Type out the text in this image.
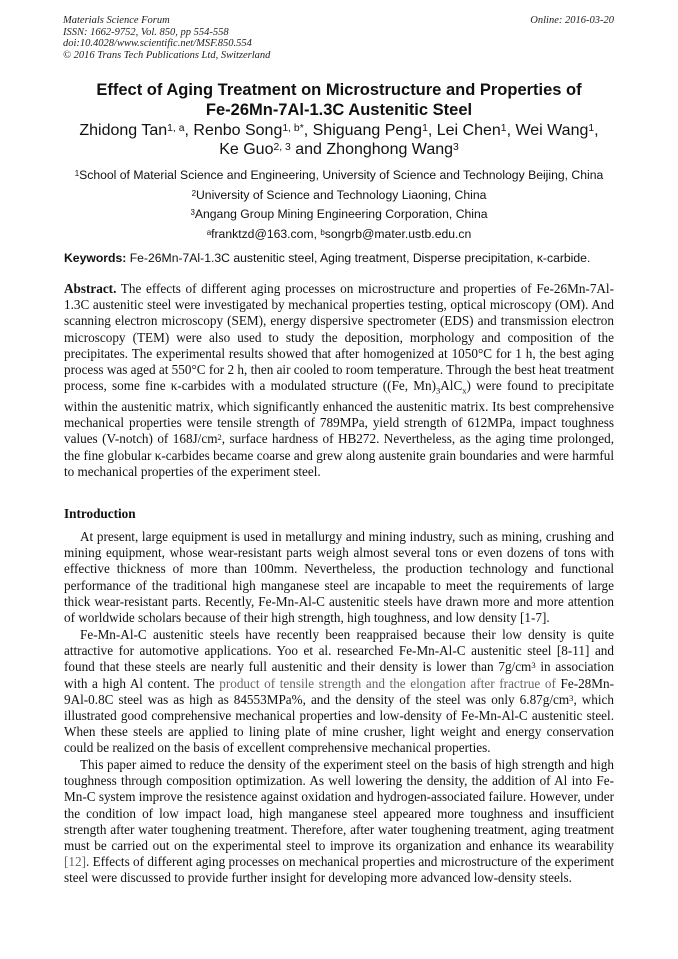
Materials Science Forum
ISSN: 1662-9752, Vol. 850, pp 554-558
doi:10.4028/www.scientific.net/MSF.850.554
© 2016 Trans Tech Publications Ltd, Switzerland
Online: 2016-03-20
Effect of Aging Treatment on Microstructure and Properties of
Fe-26Mn-7Al-1.3C Austenitic Steel
Zhidong Tan$^{1, a}$, Renbo Song$^{1, b*}$, Shiguang Peng$^1$, Lei Chen$^1$, Wei Wang$^1$,
Ke Guo$^{2, 3}$ and Zhonghong Wang$^3$
$^1$School of Material Science and Engineering, University of Science and Technology Beijing, China
$^2$University of Science and Technology Liaoning, China
$^3$Angang Group Mining Engineering Corporation, China
$^a$franktzd@163.com, $^b$songrb@mater.ustb.edu.cn
Keywords: Fe-26Mn-7Al-1.3C austenitic steel, Aging treatment, Disperse precipitation, κ-carbide.
Abstract. The effects of different aging processes on microstructure and properties of Fe-26Mn-7Al-1.3C austenitic steel were investigated by mechanical properties testing, optical microscopy (OM). And scanning electron microscopy (SEM), energy dispersive spectrometer (EDS) and transmission electron microscopy (TEM) were also used to study the deposition, morphology and composition of the precipitates. The experimental results showed that after homogenized at 1050°C for 1 h, the best aging process was aged at 550°C for 2 h, then air cooled to room temperature. Through the best heat treatment process, some fine κ-carbides with a modulated structure ((Fe, $Mn)_3AlC_x$) were found to precipitate within the austenitic matrix, which significantly enhanced the austenitic matrix. Its best comprehensive mechanical properties were tensile strength of 789MPa, yield strength of 612MPa, impact toughness values (V-notch) of $168J/cm^2$, surface hardness of HB272. Nevertheless, as the aging time prolonged, the fine globular κ-carbides became coarse and grew along austenite grain boundaries and were harmful to mechanical properties of the experiment steel.
Introduction
At present, large equipment is used in metallurgy and mining industry, such as mining, crushing and mining equipment, whose wear-resistant parts weigh almost several tons or even dozens of tons with effective thickness of more than 100mm. Nevertheless, the production technology and functional performance of the traditional high manganese steel are incapable to meet the requirements of large thick wear-resistant parts. Recently, Fe-Mn-Al-C austenitic steels have drawn more and more attention of worldwide scholars because of their high strength, high toughness, and low density [1-7].
Fe-Mn-Al-C austenitic steels have recently been reappraised because their low density is quite attractive for automotive applications. Yoo et al. researched Fe-Mn-Al-C austenitic steel [8-11] and found that these steels are nearly full austenitic and their density is lower than $7g/cm^3$ in association with a high Al content. The product of tensile strength and the elongation after fractrue of Fe-28Mn-9Al-0.8C steel was as high as 84553MPa%, and the density of the steel was only $6.87g/cm^3$, which illustrated good comprehensive mechanical properties and low-density of Fe-Mn-Al-C austenitic steel. When these steels are applied to lining plate of mine crusher, light weight and energy conservation could be realized on the basis of excellent comprehensive mechanical properties.
This paper aimed to reduce the density of the experiment steel on the basis of high strength and high toughness through composition optimization. As well lowering the density, the addition of Al into Fe-Mn-C system improve the resistence against oxidation and hydrogen-associated failure. However, under the condition of low impact load, high manganese steel appeared more toughness and insufficient strength after water toughening treatment. Therefore, after water toughening treatment, aging treatment must be carried out on the experimental steel to improve its organization and enhance its wearability [12]. Effects of different aging processes on mechanical properties and microstructure of the experiment steel were discussed to provide further insight for developing more advanced low-density steels.
